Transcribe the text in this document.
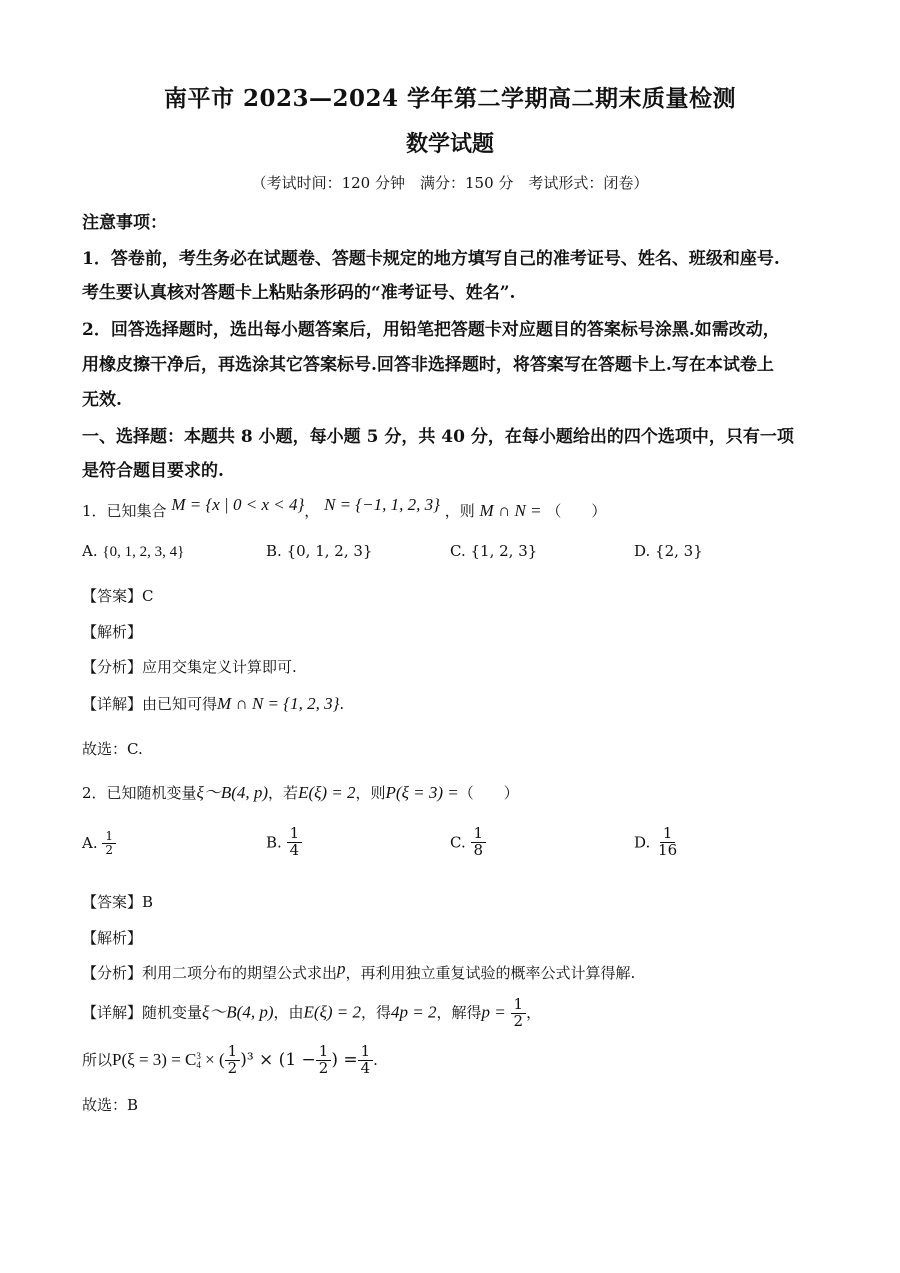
南平市 2023—2024 学年第二学期高二期末质量检测
数学试题
（考试时间：120 分钟　满分：150 分　考试形式：闭卷）
注意事项：
1．答卷前，考生务必在试题卷、答题卡规定的地方填写自己的准考证号、姓名、班级和座号.
考生要认真核对答题卡上粘贴条形码的“准考证号、姓名”.
2．回答选择题时，选出每小题答案后，用铅笔把答题卡对应题目的答案标号涂黑.如需改动，
用橡皮擦干净后，再选涂其它答案标号.回答非选择题时，将答案写在答题卡上.写在本试卷上
无效.
一、选择题：本题共 8 小题，每小题 5 分，共 40 分，在每小题给出的四个选项中，只有一项
是符合题目要求的.
1．已知集合 M = {x | 0 < x < 4}， N = {−1, 1, 2, 3} ，则 M ∩ N = （　　）
A. {0, 1, 2, 3, 4}	B. {0, 1, 2, 3}	C. {1, 2, 3}	D. {2, 3}
【答案】C
【解析】
【分析】应用交集定义计算即可.
【详解】由已知可得M ∩ N = {1, 2, 3}.
故选：C.
2．已知随机变量ξ～B(4, p)，若E(ξ) = 2，则P(ξ = 3) =（　　）
A. $\frac{1}{2}$	B. $\frac{1}{4}$	C. $\frac{1}{8}$	D. $\frac{1}{16}$
【答案】B
【解析】
【分析】利用二项分布的期望公式求出p，再利用独立重复试验的概率公式计算得解.
【详解】随机变量ξ～B(4, p)，由E(ξ) = 2，得4p = 2，解得$p = \frac{1}{2}$ ，
所以P(ξ = 3) = C 3
4 × ( $\frac{1}{2} )^3 \times (1 - \frac{1}{2}$ ) = $\frac{1}{4}$ .
故选：B
